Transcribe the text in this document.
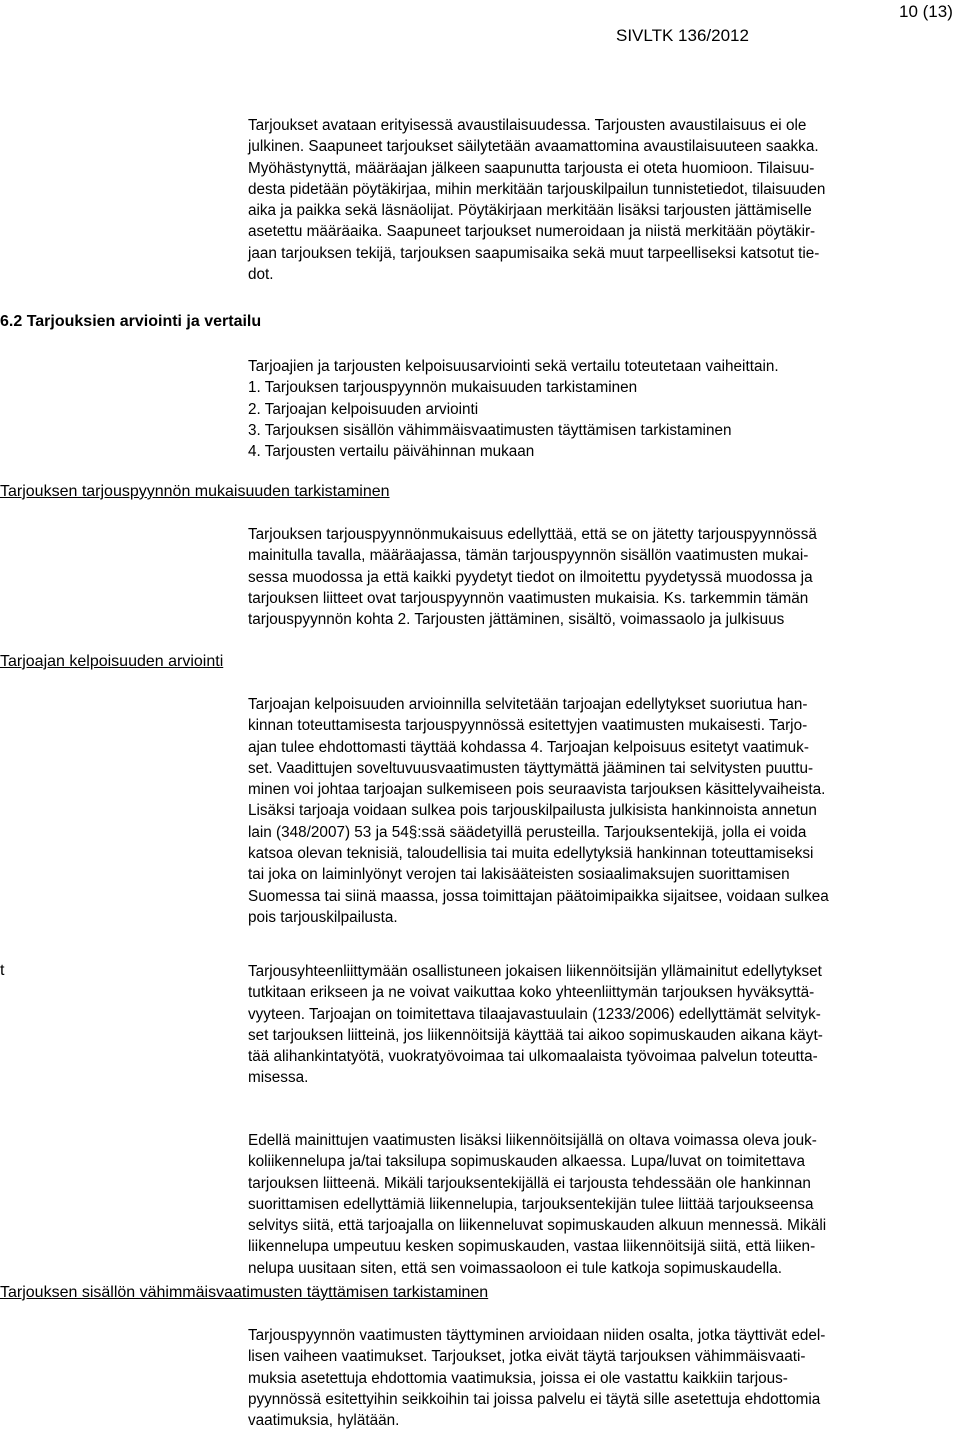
10 (13)
SIVLTK 136/2012

Tarjoukset avataan erityisessä avaustilaisuudessa. Tarjousten avaustilaisuus ei ole
julkinen. Saapuneet tarjoukset säilytetään avaamattomina avaustilaisuuteen saakka.
Myöhästynyttä, määräajan jälkeen saapunutta tarjousta ei oteta huomioon. Tilaisuu-
desta pidetään pöytäkirjaa, mihin merkitään tarjouskilpailun tunnistetiedot, tilaisuuden
aika ja paikka sekä läsnäolijat. Pöytäkirjaan merkitään lisäksi tarjousten jättämiselle
asetettu määräaika. Saapuneet tarjoukset numeroidaan ja niistä merkitään pöytäkir-
jaan tarjouksen tekijä, tarjouksen saapumisaika sekä muut tarpeelliseksi katsotut tie-
dot.

6.2 Tarjouksien arviointi ja vertailu

Tarjoajien ja tarjousten kelpoisuusarviointi sekä vertailu toteutetaan vaiheittain.
1. Tarjouksen tarjouspyynnön mukaisuuden tarkistaminen
2. Tarjoajan kelpoisuuden arviointi
3. Tarjouksen sisällön vähimmäisvaatimusten täyttämisen tarkistaminen
4. Tarjousten vertailu päivähinnan mukaan

Tarjouksen tarjouspyynnön mukaisuuden tarkistaminen

Tarjouksen tarjouspyynnönmukaisuus edellyttää, että se on jätetty tarjouspyynnössä
mainitulla tavalla, määräajassa, tämän tarjouspyynnön sisällön vaatimusten mukai-
sessa muodossa ja että kaikki pyydetyt tiedot on ilmoitettu pyydetyssä muodossa ja
tarjouksen liitteet ovat tarjouspyynnön vaatimusten mukaisia. Ks. tarkemmin tämän
tarjouspyynnön kohta 2. Tarjousten jättäminen, sisältö, voimassaolo ja julkisuus

Tarjoajan kelpoisuuden arviointi

Tarjoajan kelpoisuuden arvioinnilla selvitetään tarjoajan edellytykset suoriutua han-
kinnan toteuttamisesta tarjouspyynnössä esitettyjen vaatimusten mukaisesti. Tarjo-
ajan tulee ehdottomasti täyttää kohdassa 4. Tarjoajan kelpoisuus esitetyt vaatimuk-
set. Vaadittujen soveltuvuusvaatimusten täyttymättä jääminen tai selvitysten puuttu-
minen voi johtaa tarjoajan sulkemiseen pois seuraavista tarjouksen käsittelyvaiheista.
Lisäksi tarjoaja voidaan sulkea pois tarjouskilpailusta julkisista hankinnoista annetun
lain (348/2007) 53 ja 54§:ssä säädetyillä perusteilla. Tarjouksentekijä, jolla ei voida
katsoa olevan teknisiä, taloudellisia tai muita edellytyksiä hankinnan toteuttamiseksi
tai joka on laiminlyönyt verojen tai lakisääteisten sosiaalimaksujen suorittamisen
Suomessa tai siinä maassa, jossa toimittajan päätoimipaikka sijaitsee, voidaan sulkea
pois tarjouskilpailusta.

t	Tarjousyhteenliittymään osallistuneen jokaisen liikennöitsijän yllämainitut edellytykset
tutkitaan erikseen ja ne voivat vaikuttaa koko yhteenliittymän tarjouksen hyväksyttä-
vyyteen. Tarjoajan on toimitettava tilaajavastuulain (1233/2006) edellyttämät selvityk-
set tarjouksen liitteinä, jos liikennöitsijä käyttää tai aikoo sopimuskauden aikana käyt-
tää alihankintatyötä, vuokratyövoimaa tai ulkomaalaista työvoimaa palvelun toteutta-
misessa.

Edellä mainittujen vaatimusten lisäksi liikennöitsijällä on oltava voimassa oleva jouk-
koliikennelupa ja/tai taksilupa sopimuskauden alkaessa. Lupa/luvat on toimitettava
tarjouksen liitteenä. Mikäli tarjouksentekijällä ei tarjousta tehdessään ole hankinnan
suorittamisen edellyttämiä liikennelupia, tarjouksentekijän tulee liittää tarjoukseensa
selvitys siitä, että tarjoajalla on liikenneluvat sopimuskauden alkuun mennessä. Mikäli
liikennelupa umpeutuu kesken sopimuskauden, vastaa liikennöitsijä siitä, että liiken-
nelupa uusitaan siten, että sen voimassaoloon ei tule katkoja sopimuskaudella.

Tarjouksen sisällön vähimmäisvaatimusten täyttämisen tarkistaminen

Tarjouspyynnön vaatimusten täyttyminen arvioidaan niiden osalta, jotka täyttivät edel-
lisen vaiheen vaatimukset. Tarjoukset, jotka eivät täytä tarjouksen vähimmäisvaati-
muksia asetettuja ehdottomia vaatimuksia, joissa ei ole vastattu kaikkiin tarjous-
pyynnössä esitettyihin seikkoihin tai joissa palvelu ei täytä sille asetettuja ehdottomia
vaatimuksia, hylätään.
